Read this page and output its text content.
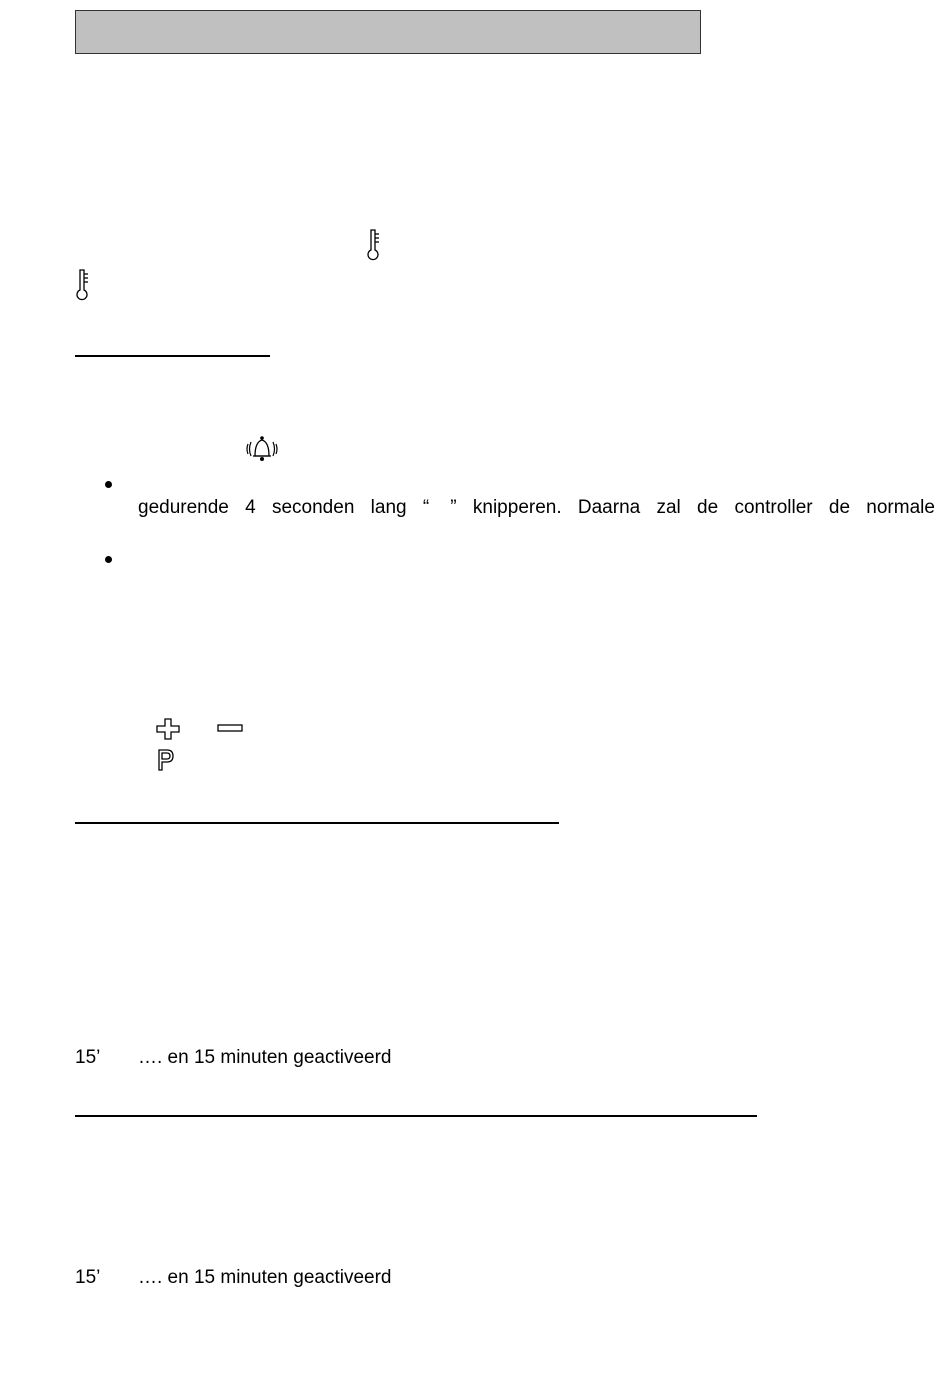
gedurende 4 seconden lang “    ” knipperen. Daarna zal de controller de normale
15’ …. en 15 minuten geactiveerd
15’ …. en 15 minuten geactiveerd
